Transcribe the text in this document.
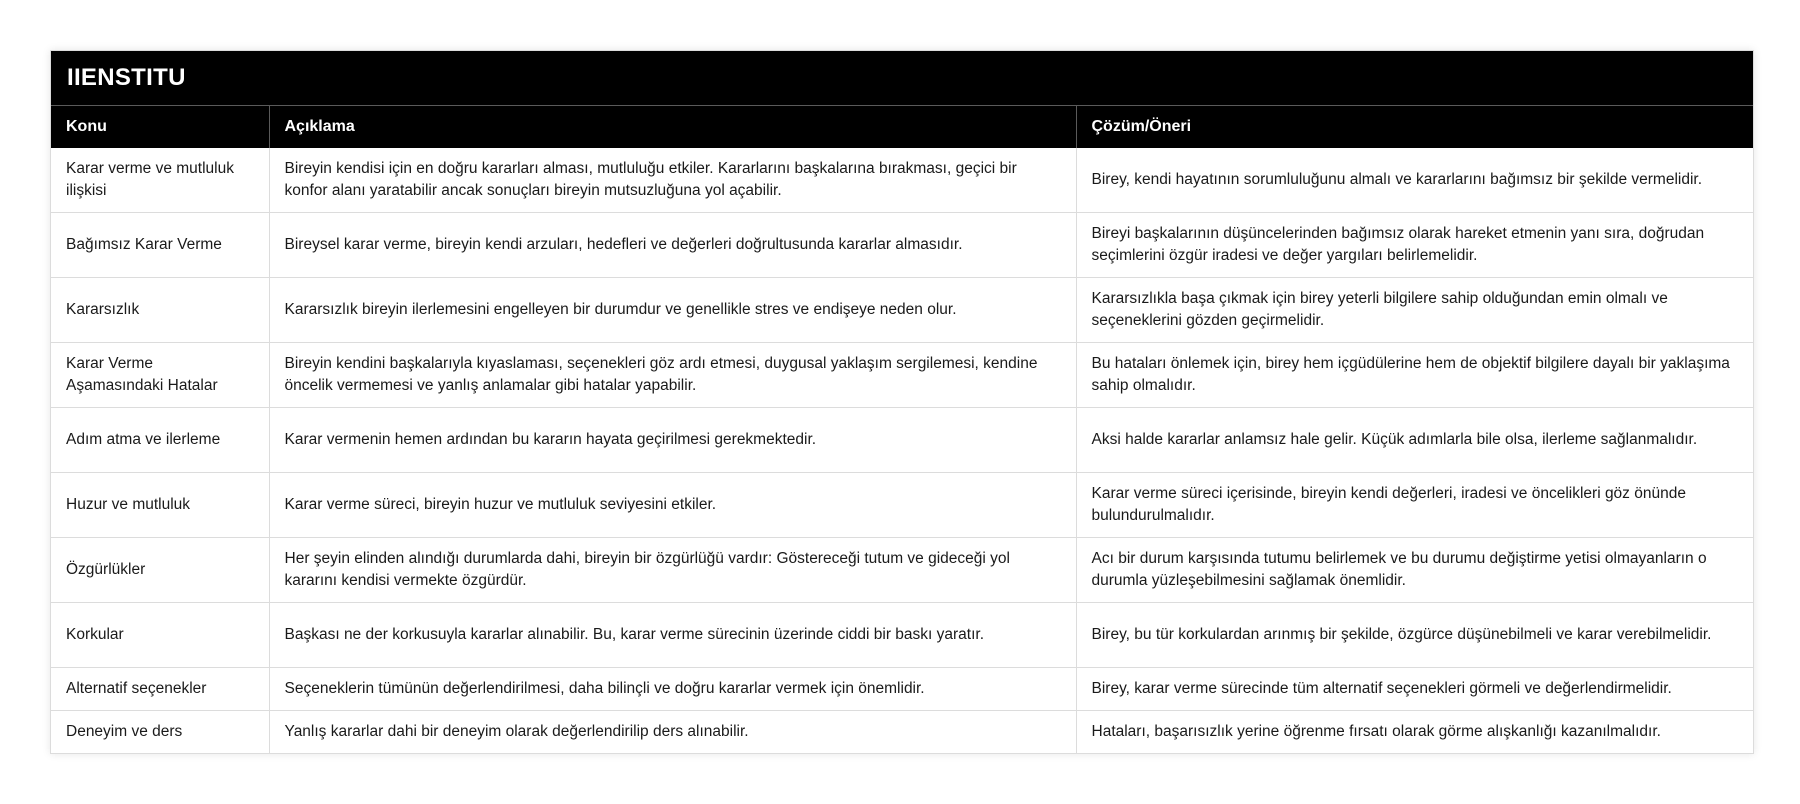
IIENSTITU
Konu	Açıklama	Çözüm/Öneri
Karar verme ve mutluluk ilişkisi	Bireyin kendisi için en doğru kararları alması, mutluluğu etkiler. Kararlarını başkalarına bırakması, geçici bir konfor alanı yaratabilir ancak sonuçları bireyin mutsuzluğuna yol açabilir.	Birey, kendi hayatının sorumluluğunu almalı ve kararlarını bağımsız bir şekilde vermelidir.
Bağımsız Karar Verme	Bireysel karar verme, bireyin kendi arzuları, hedefleri ve değerleri doğrultusunda kararlar almasıdır.	Bireyi başkalarının düşüncelerinden bağımsız olarak hareket etmenin yanı sıra, doğrudan seçimlerini özgür iradesi ve değer yargıları belirlemelidir.
Kararsızlık	Kararsızlık bireyin ilerlemesini engelleyen bir durumdur ve genellikle stres ve endişeye neden olur.	Kararsızlıkla başa çıkmak için birey yeterli bilgilere sahip olduğundan emin olmalı ve seçeneklerini gözden geçirmelidir.
Karar Verme Aşamasındaki Hatalar	Bireyin kendini başkalarıyla kıyaslaması, seçenekleri göz ardı etmesi, duygusal yaklaşım sergilemesi, kendine öncelik vermemesi ve yanlış anlamalar gibi hatalar yapabilir.	Bu hataları önlemek için, birey hem içgüdülerine hem de objektif bilgilere dayalı bir yaklaşıma sahip olmalıdır.
Adım atma ve ilerleme	Karar vermenin hemen ardından bu kararın hayata geçirilmesi gerekmektedir.	Aksi halde kararlar anlamsız hale gelir. Küçük adımlarla bile olsa, ilerleme sağlanmalıdır.
Huzur ve mutluluk	Karar verme süreci, bireyin huzur ve mutluluk seviyesini etkiler.	Karar verme süreci içerisinde, bireyin kendi değerleri, iradesi ve öncelikleri göz önünde bulundurulmalıdır.
Özgürlükler	Her şeyin elinden alındığı durumlarda dahi, bireyin bir özgürlüğü vardır: Göstereceği tutum ve gideceği yol kararını kendisi vermekte özgürdür.	Acı bir durum karşısında tutumu belirlemek ve bu durumu değiştirme yetisi olmayanların o durumla yüzleşebilmesini sağlamak önemlidir.
Korkular	Başkası ne der korkusuyla kararlar alınabilir. Bu, karar verme sürecinin üzerinde ciddi bir baskı yaratır.	Birey, bu tür korkulardan arınmış bir şekilde, özgürce düşünebilmeli ve karar verebilmelidir.
Alternatif seçenekler	Seçeneklerin tümünün değerlendirilmesi, daha bilinçli ve doğru kararlar vermek için önemlidir.	Birey, karar verme sürecinde tüm alternatif seçenekleri görmeli ve değerlendirmelidir.
Deneyim ve ders	Yanlış kararlar dahi bir deneyim olarak değerlendirilip ders alınabilir.	Hataları, başarısızlık yerine öğrenme fırsatı olarak görme alışkanlığı kazanılmalıdır.
